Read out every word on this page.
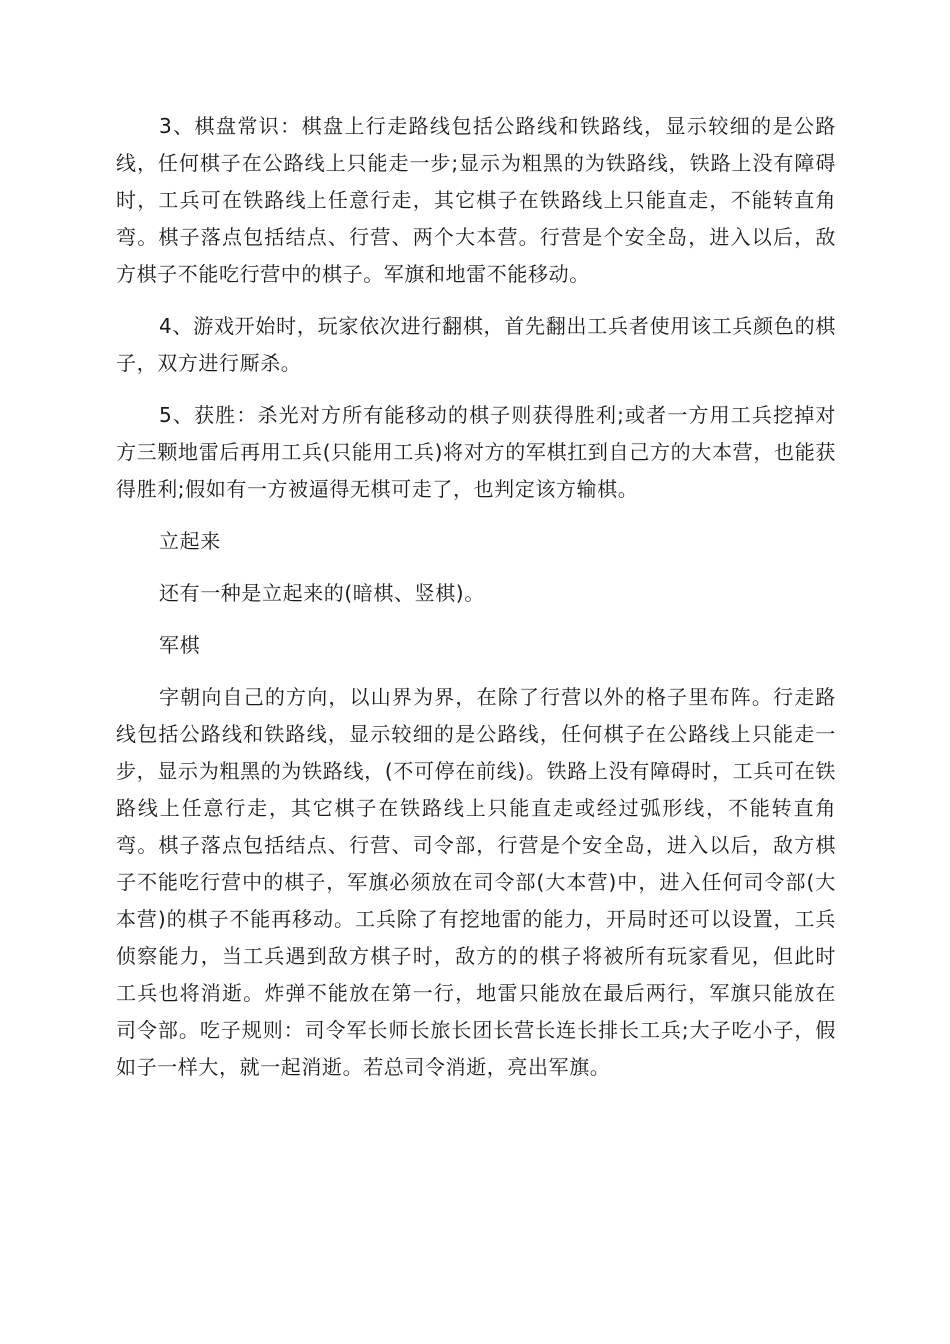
3、棋盘常识：棋盘上行走路线包括公路线和铁路线，显示较细的是公路线，任何棋子在公路线上只能走一步;显示为粗黑的为铁路线，铁路上没有障碍时，工兵可在铁路线上任意行走，其它棋子在铁路线上只能直走，不能转直角弯。棋子落点包括结点、行营、两个大本营。行营是个安全岛，进入以后，敌方棋子不能吃行营中的棋子。军旗和地雷不能移动。

4、游戏开始时，玩家依次进行翻棋，首先翻出工兵者使用该工兵颜色的棋子，双方进行厮杀。

5、获胜：杀光对方所有能移动的棋子则获得胜利;或者一方用工兵挖掉对方三颗地雷后再用工兵(只能用工兵)将对方的军棋扛到自己方的大本营，也能获得胜利;假如有一方被逼得无棋可走了，也判定该方输棋。

立起来

还有一种是立起来的(暗棋、竖棋)。

军棋

字朝向自己的方向，以山界为界，在除了行营以外的格子里布阵。行走路线包括公路线和铁路线，显示较细的是公路线，任何棋子在公路线上只能走一步，显示为粗黑的为铁路线，(不可停在前线)。铁路上没有障碍时，工兵可在铁路线上任意行走，其它棋子在铁路线上只能直走或经过弧形线，不能转直角弯。棋子落点包括结点、行营、司令部，行营是个安全岛，进入以后，敌方棋子不能吃行营中的棋子，军旗必须放在司令部(大本营)中，进入任何司令部(大本营)的棋子不能再移动。工兵除了有挖地雷的能力，开局时还可以设置，工兵侦察能力，当工兵遇到敌方棋子时，敌方的的棋子将被所有玩家看见，但此时工兵也将消逝。炸弹不能放在第一行，地雷只能放在最后两行，军旗只能放在司令部。吃子规则：司令军长师长旅长团长营长连长排长工兵;大子吃小子，假如子一样大，就一起消逝。若总司令消逝，亮出军旗。
